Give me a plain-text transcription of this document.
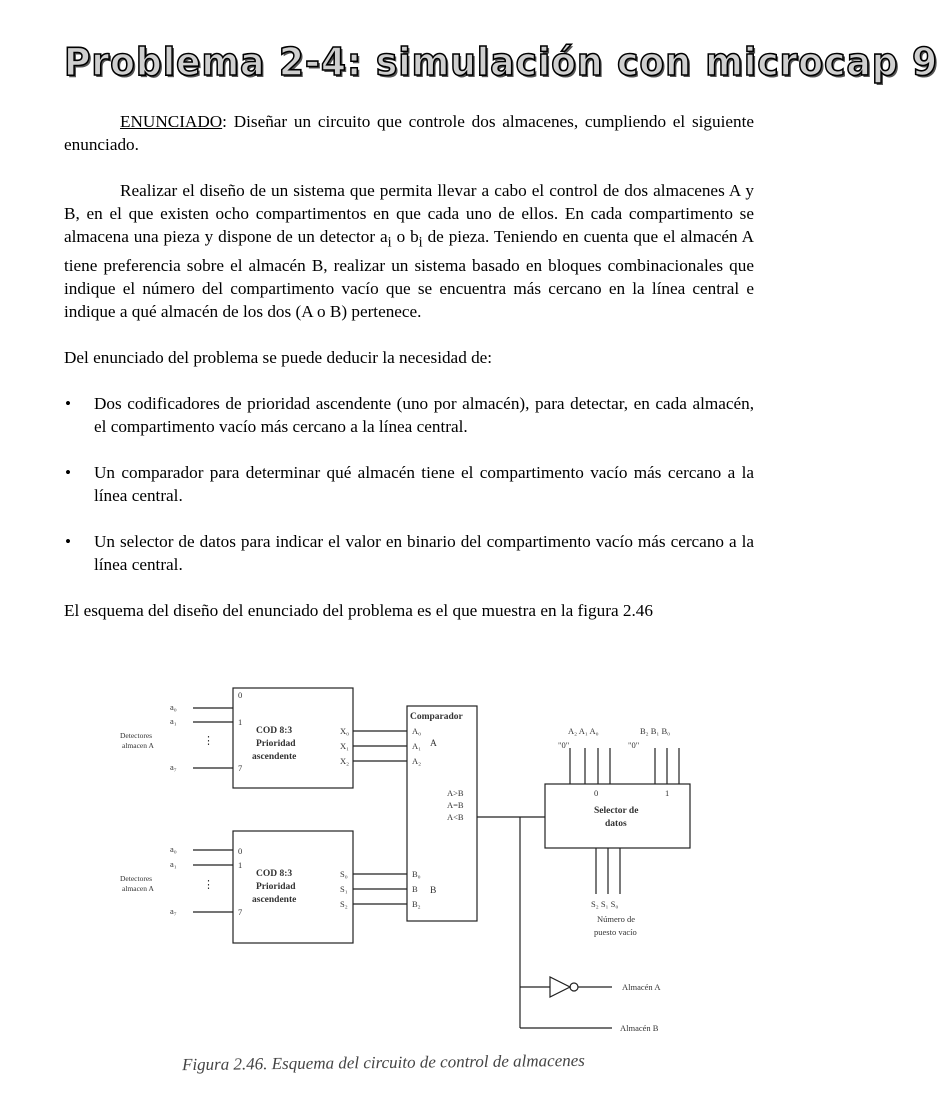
Problema 2-4: simulación con microcap 9

ENUNCIADO: Diseñar un circuito que controle dos almacenes, cumpliendo el siguiente enunciado.

Realizar el diseño de un sistema que permita llevar a cabo el control de dos almacenes A y B, en el que existen ocho compartimentos en que cada uno de ellos. En cada compartimento se almacena una pieza y dispone de un detector $a_i$ o $b_i$ de pieza. Teniendo en cuenta que el almacén A tiene preferencia sobre el almacén B, realizar un sistema basado en bloques combinacionales que indique el número del compartimento vacío que se encuentra más cercano en la línea central e indique a qué almacén de los dos (A o B) pertenece.

Del enunciado del problema se puede deducir la necesidad de:

• Dos codificadores de prioridad ascendente (uno por almacén), para detectar, en cada almacén, el compartimento vacío más cercano a la línea central.
• Un comparador para determinar qué almacén tiene el compartimento vacío más cercano a la línea central.
• Un selector de datos para indicar el valor en binario del compartimento vacío más cercano a la línea central.

El esquema del diseño del enunciado del problema es el que muestra en la figura 2.46

a₀
a₁
a₇
0
1
7
⋮
Detectores
almacen A
COD 8:3
Prioridad
ascendente
X₀
X₁
X₂
a₀
a₁
a₇
0
1
7
⋮
Detectores
almacen A
COD 8:3
Prioridad
ascendente
S₀
S₁
S₂
Comparador
A₀
A₁
A₂
A
A>B
A=B
A<B
B₀
B
B₂
B
A₂ A₁ A₀	B₂ B₁ B₀
"0"	"0"
0	1
Selector de
datos
S₂ S₁ S₀
Número de
puesto vacío
Almacén A
Almacén B
Figura 2.46. Esquema del circuito de control de almacenes
